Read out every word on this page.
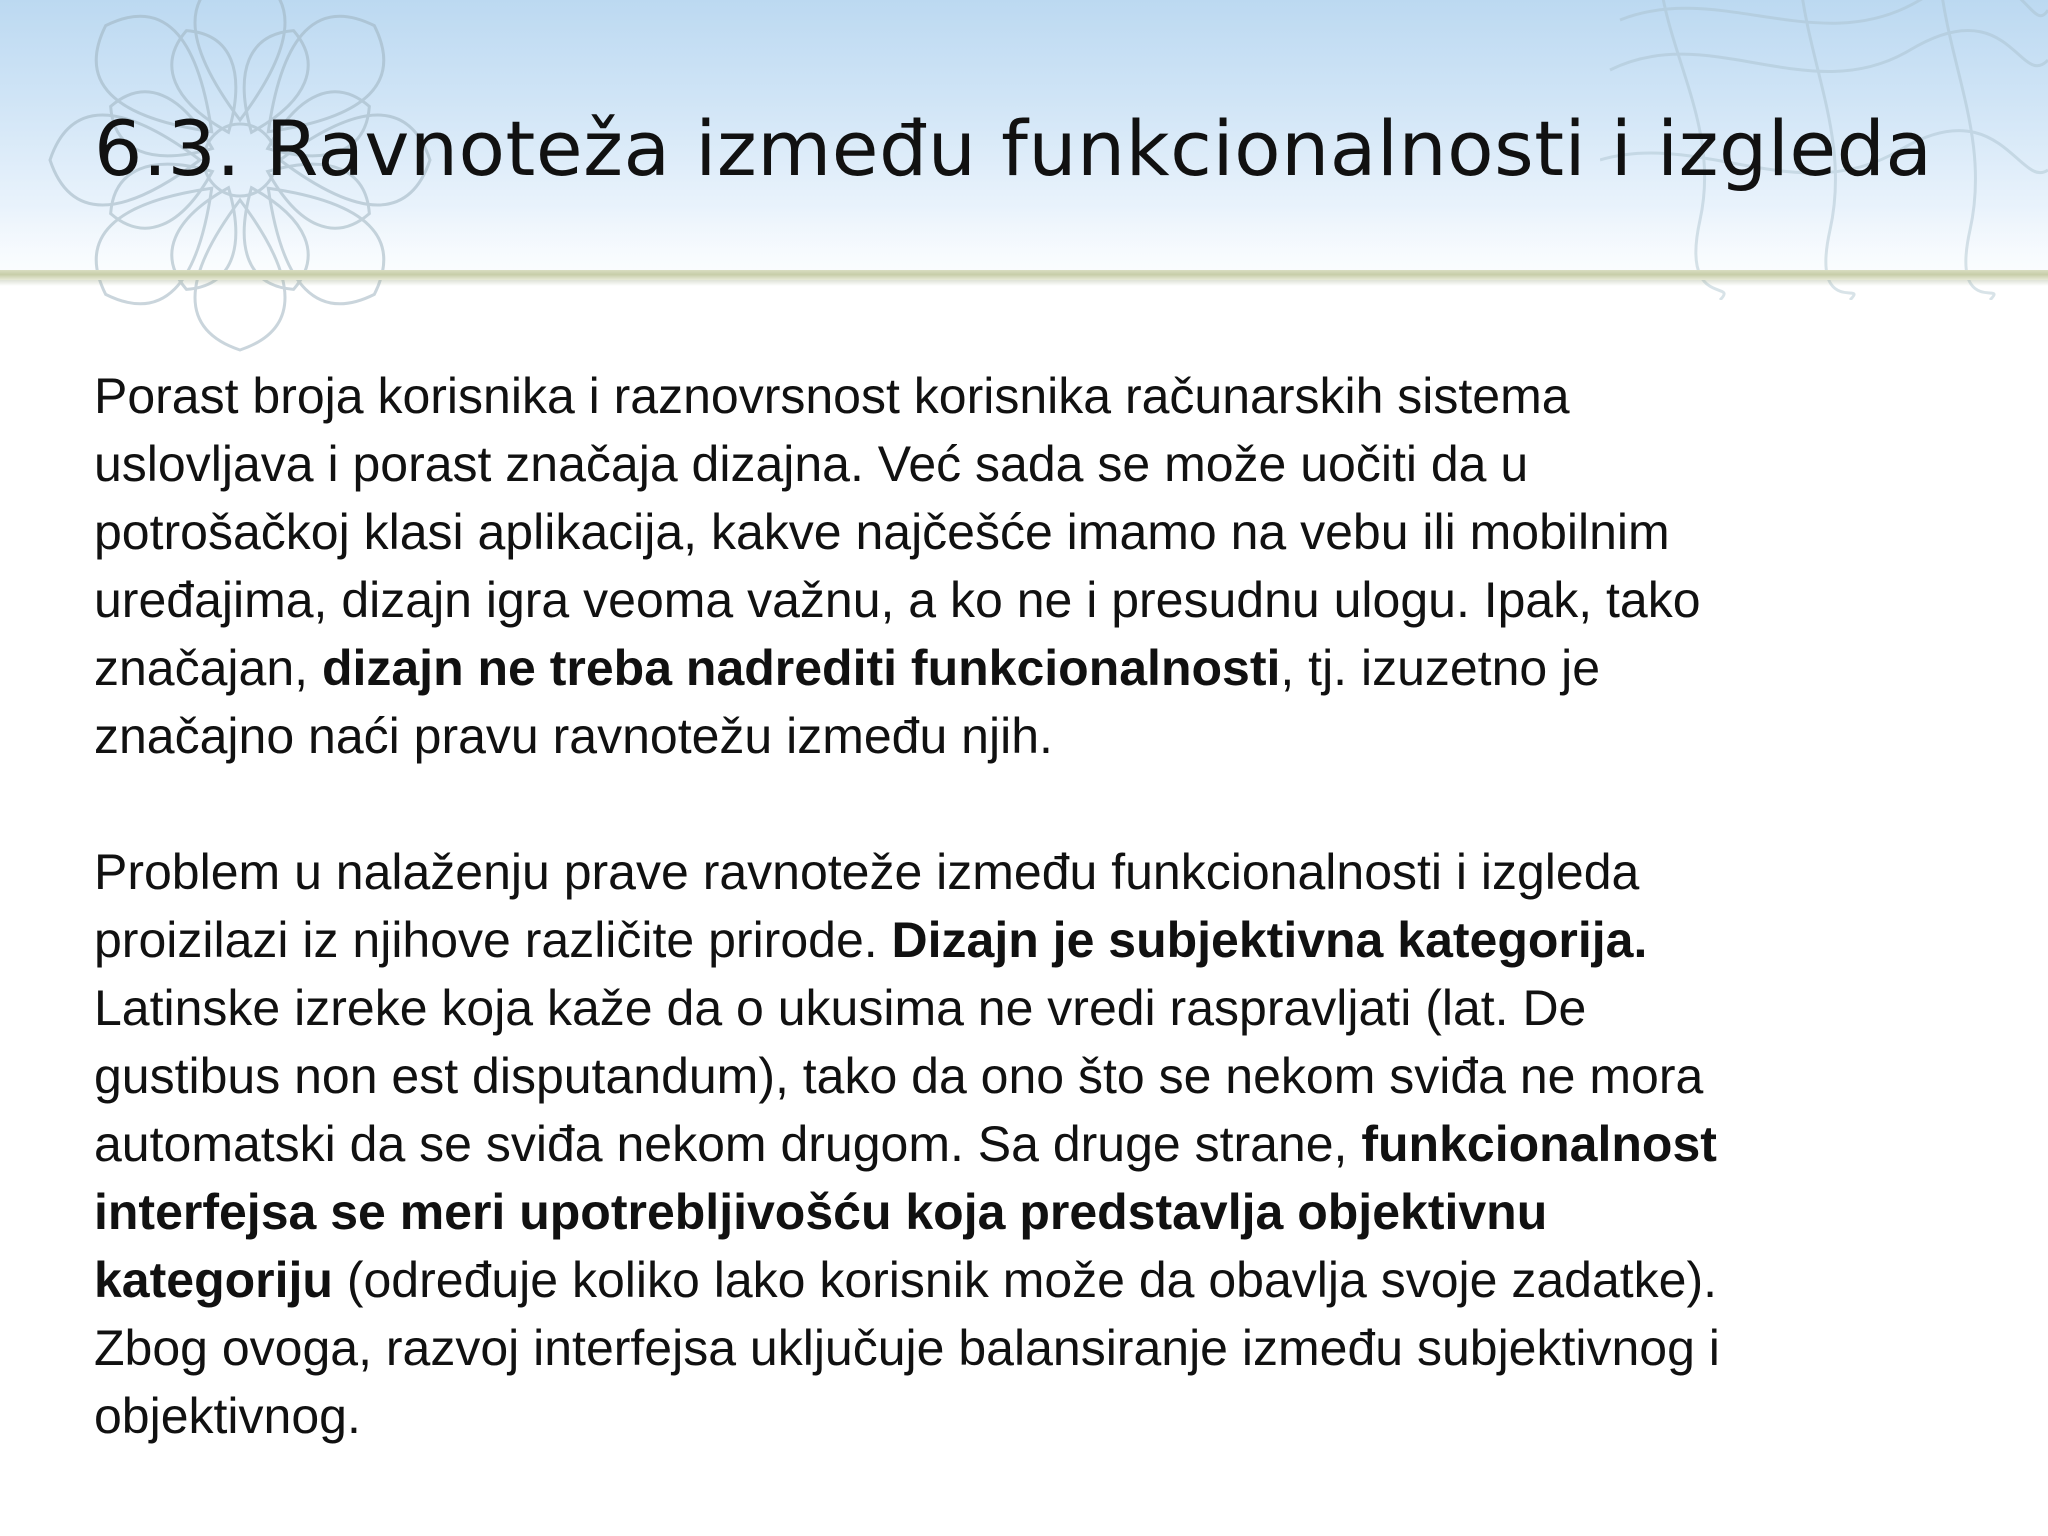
6.3. Ravnoteža između funkcionalnosti i izgleda

Porast broja korisnika i raznovrsnost korisnika računarskih sistema
uslovljava i porast značaja dizajna. Već sada se može uočiti da u
potrošačkoj klasi aplikacija, kakve najčešće imamo na vebu ili mobilnim
uređajima, dizajn igra veoma važnu, a ko ne i presudnu ulogu. Ipak, tako
značajan, dizajn ne treba nadrediti funkcionalnosti, tj. izuzetno je
značajno naći pravu ravnotežu između njih.

Problem u nalaženju prave ravnoteže između funkcionalnosti i izgleda
proizilazi iz njihove različite prirode. Dizajn je subjektivna kategorija.
Latinske izreke koja kaže da o ukusima ne vredi raspravljati (lat. De
gustibus non est disputandum), tako da ono što se nekom sviđa ne mora
automatski da se sviđa nekom drugom. Sa druge strane, funkcionalnost
interfejsa se meri upotrebljivošću koja predstavlja objektivnu
kategoriju (određuje koliko lako korisnik može da obavlja svoje zadatke).
Zbog ovoga, razvoj interfejsa uključuje balansiranje između subjektivnog i
objektivnog.
